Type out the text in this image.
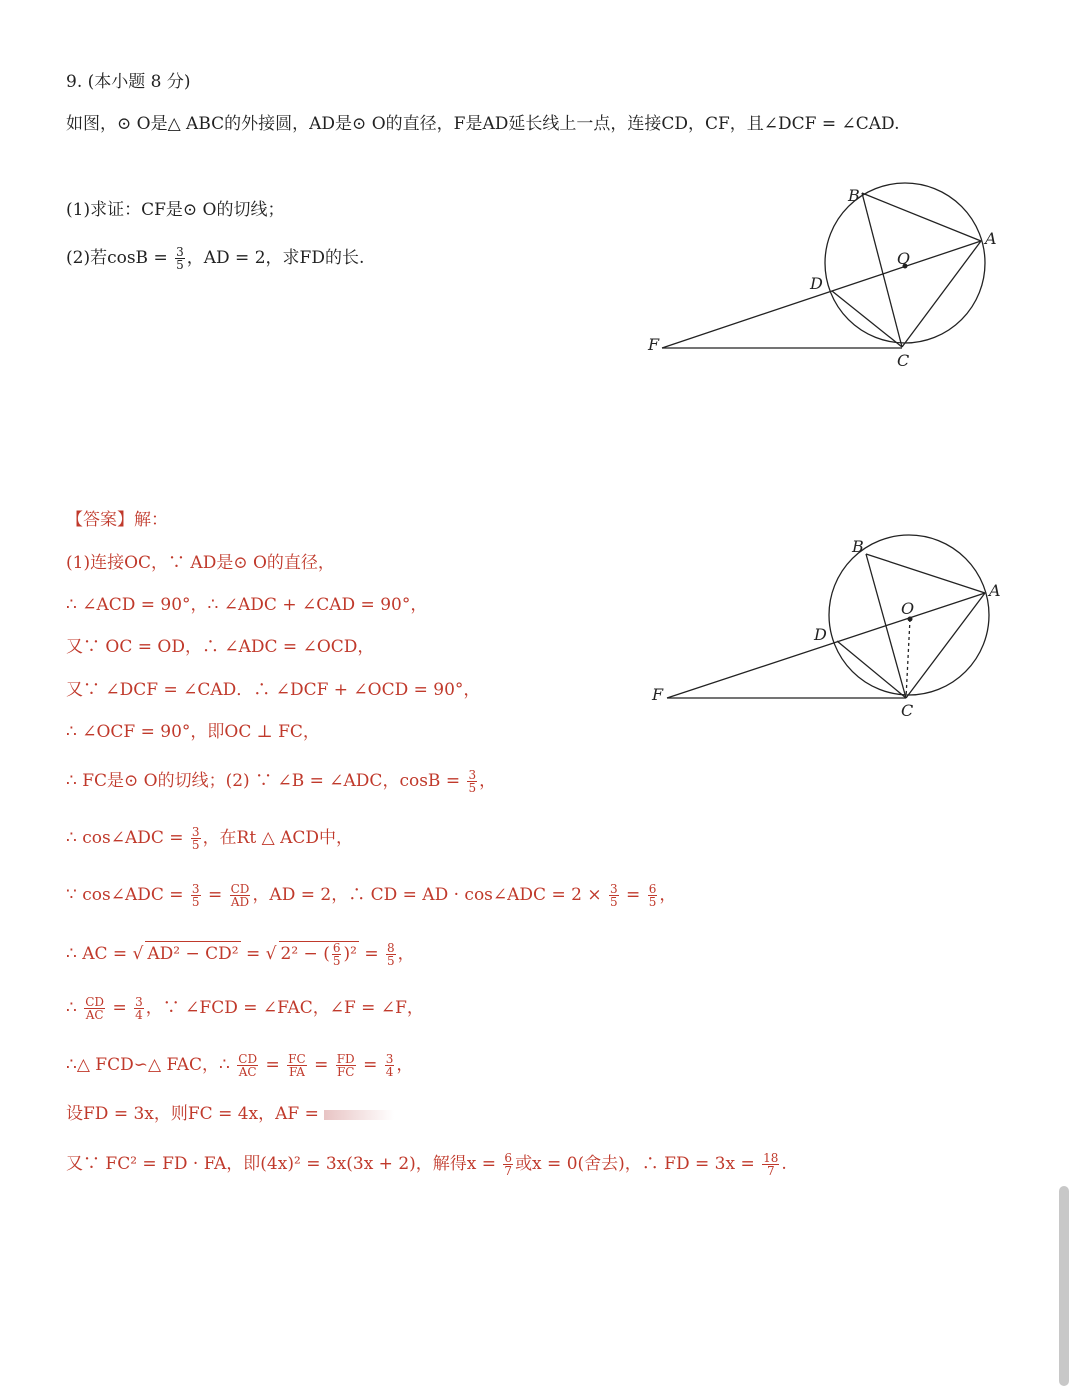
9. (本小题 8 分)
如图，⊙ O是△ ABC的外接圆，AD是⊙ O的直径，F是AD延长线上一点，连接CD，CF，且∠DCF = ∠CAD.
(1)求证：CF是⊙ O的切线；
(2)若$\cos B = \frac{3}{5}$ ，AD = 2，求FD的长.
B
A
O
D
F
C
【答案】解：
(1)连接OC，∵ AD是⊙ O的直径，
∴ ∠ACD = 90°，∴ ∠ADC + ∠CAD = 90°，
又∵ OC = OD，∴ ∠ADC = ∠OCD，
又∵ ∠DCF = ∠CAD．∴ ∠DCF + ∠OCD = 90°，
∴ ∠OCF = 90°，即OC ⊥ FC，
∴ FC是⊙ O的切线；(2) ∵ ∠B = ∠ADC，$\cos B = \frac{3}{5}$ ，
∴ cos∠ADC = $\frac{3}{5}$ ，在Rt △ ACD中，
∵ cos∠ADC = $\frac{3}{5} = \frac{CD}{AD}$ ，AD = 2，∴ CD = AD · cos∠ADC = $2 \times \frac{3}{5} = \frac{6}{5}$ ，
∴ AC = √ AD² − CD² = √ 2² − ( $\frac{6}{5} )^2 = \frac{8}{5}$ ，
∴ $\frac{CD}{AC} = \frac{3}{4}$ ，∵ ∠FCD = ∠FAC，∠F = ∠F，
∴△ FCD∽△ FAC，∴ $\frac{CD}{AC} = \frac{FC}{FA} = \frac{FD}{FC} = \frac{3}{4}$ ，
设FD = 3x，则FC = 4x，AF =
又∵ FC² = FD · FA，即(4x)² = 3x(3x + 2)，解得$x = \frac{6}{7}$ 或x = 0(舍去)，∴ FD = $3x = \frac{18}{7}$ .
B
A
O
D
F
C
